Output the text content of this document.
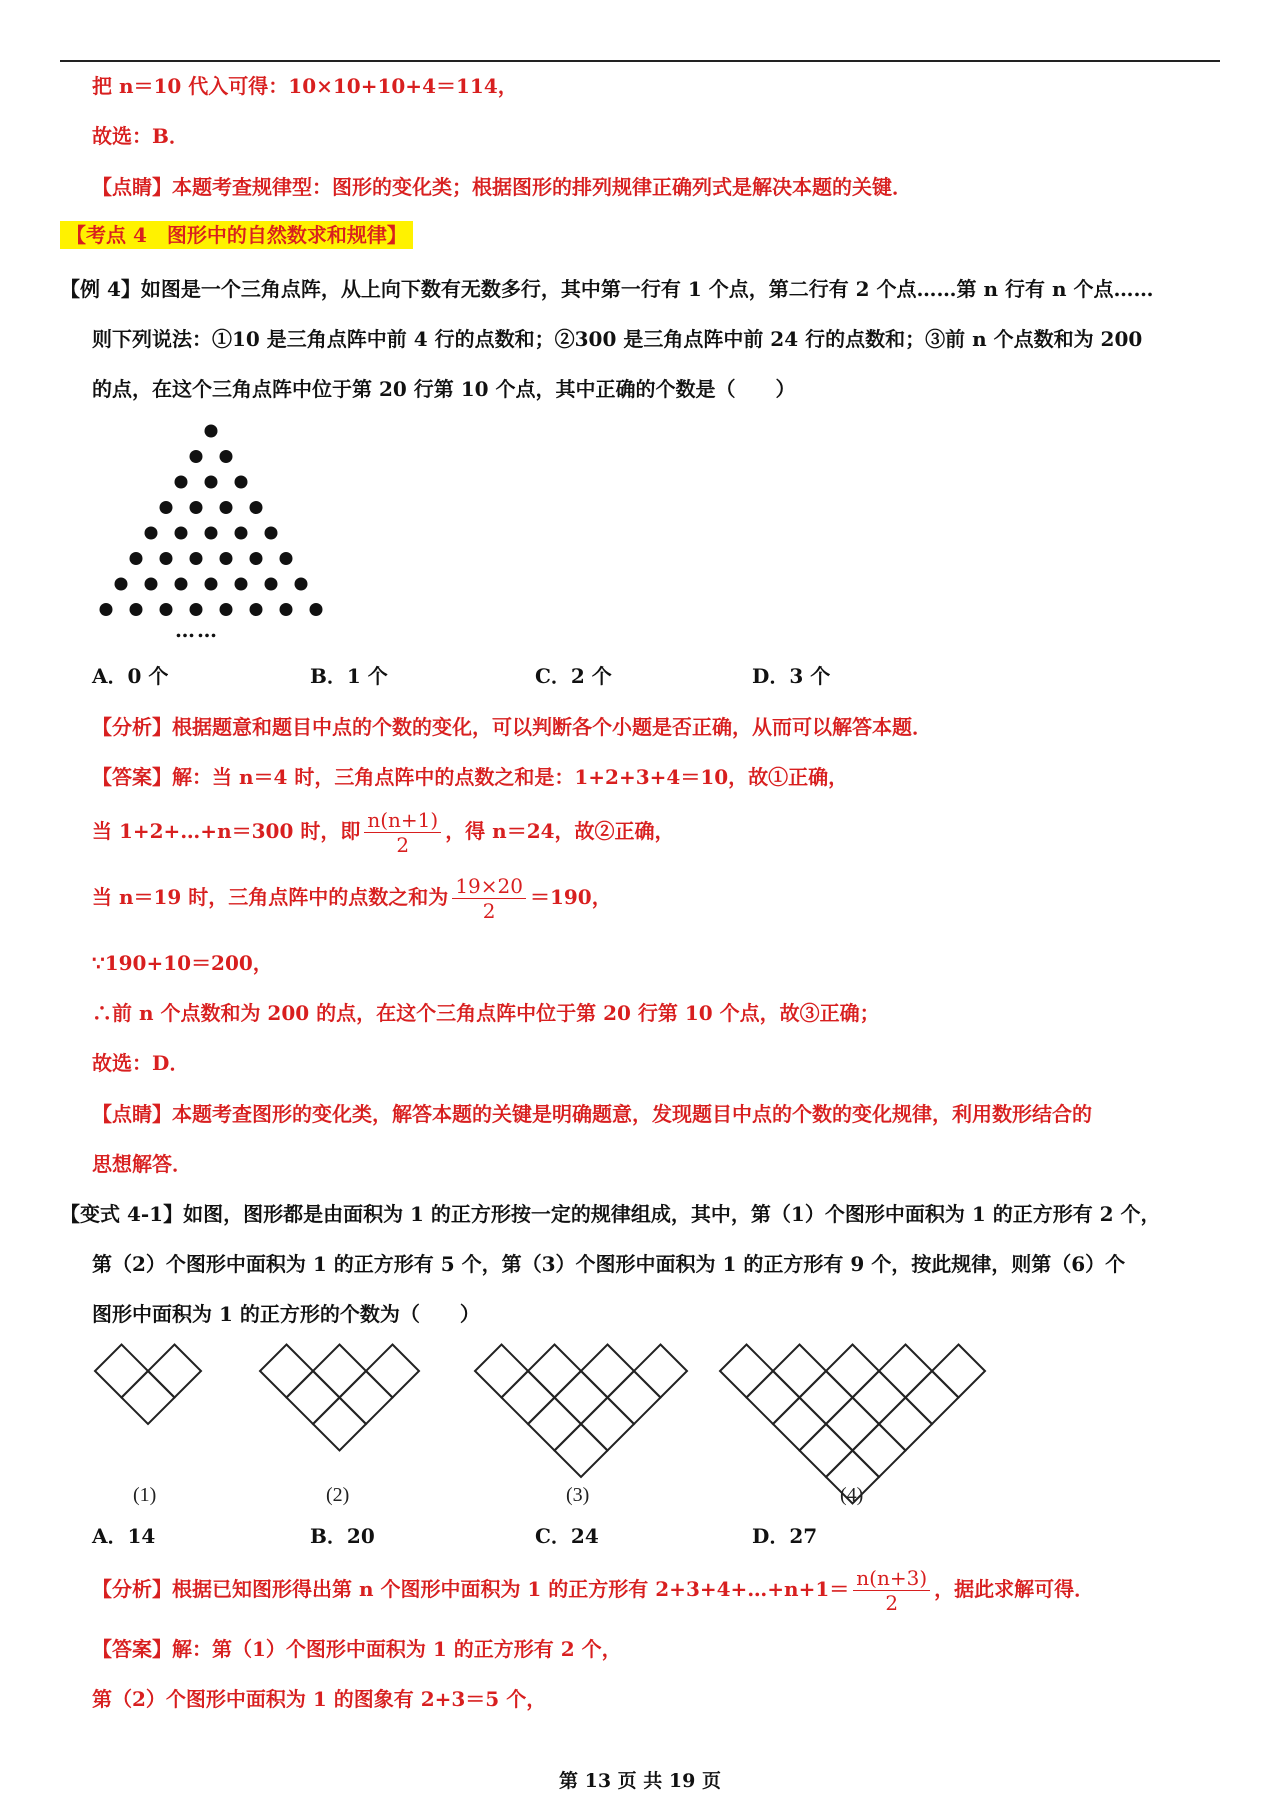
把 n＝10 代入可得：10×10+10+4＝114，
故选：B．
【点睛】本题考查规律型：图形的变化类；根据图形的排列规律正确列式是解决本题的关键．
【考点 4　图形中的自然数求和规律】
【例 4】如图是一个三角点阵，从上向下数有无数多行，其中第一行有 1 个点，第二行有 2 个点……第 n 行有 n 个点……
则下列说法：①10 是三角点阵中前 4 行的点数和；②300 是三角点阵中前 24 行的点数和；③前 n 个点数和为 200
的点，在这个三角点阵中位于第 20 行第 10 个点，其中正确的个数是（　　）
……
A．0 个	B．1 个	C．2 个	D．3 个
【分析】根据题意和题目中点的个数的变化，可以判断各个小题是否正确，从而可以解答本题．
【答案】解：当 n＝4 时，三角点阵中的点数之和是：1+2+3+4＝10，故①正确，
当 1+2+…+n＝300 时，即 $\frac{n(n+1)}{2}$ ，得 n＝24，故②正确，
当 n＝19 时，三角点阵中的点数之和为 $\frac{19\times 20}{2} =190$，
∵190+10＝200，
∴前 n 个点数和为 200 的点，在这个三角点阵中位于第 20 行第 10 个点，故③正确；
故选：D．
【点睛】本题考查图形的变化类，解答本题的关键是明确题意，发现题目中点的个数的变化规律，利用数形结合的
思想解答．
【变式 4-1】如图，图形都是由面积为 1 的正方形按一定的规律组成，其中，第（1）个图形中面积为 1 的正方形有 2 个，
第（2）个图形中面积为 1 的正方形有 5 个，第（3）个图形中面积为 1 的正方形有 9 个，按此规律，则第（6）个
图形中面积为 1 的正方形的个数为（　　）
(1)	(2)	(3)	(4)
A．14	B．20	C．24	D．27
【分析】根据已知图形得出第 n 个图形中面积为 1 的正方形有 2+3+4+…+n+1＝ $\frac{n(n+3)}{2}$ ，据此求解可得．
【答案】解：第（1）个图形中面积为 1 的正方形有 2 个，
第（2）个图形中面积为 1 的图象有 2+3＝5 个，
第 13 页 共 19 页
